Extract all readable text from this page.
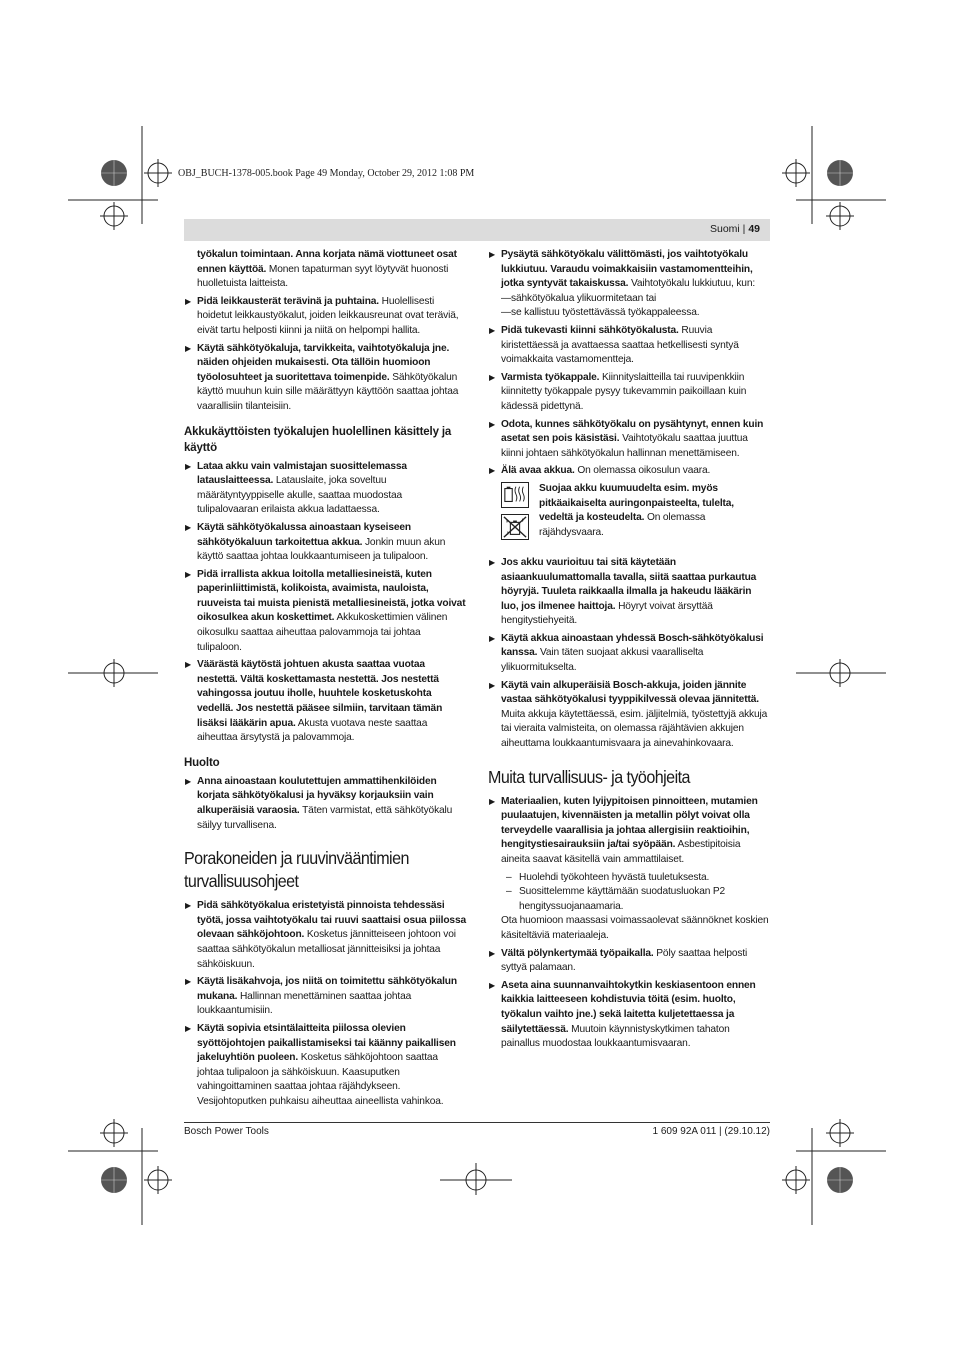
OBJ_BUCH-1378-005.book Page 49 Monday, October 29, 2012 1:08 PM
Suomi | 49
työkalun toimintaan. Anna korjata nämä viottuneet osat ennen käyttöä. Monen tapaturman syyt löytyvät huonosti huolletuista laitteista.
▶ Pidä leikkausterät terävinä ja puhtaina. Huolellisesti hoidetut leikkaustyökalut, joiden leikkausreunat ovat teräviä, eivät tartu helposti kiinni ja niitä on helpompi hallita.
▶ Käytä sähkötyökaluja, tarvikkeita, vaihtotyökaluja jne. näiden ohjeiden mukaisesti. Ota tällöin huomioon työolosuhteet ja suoritettava toimenpide. Sähkötyökalun käyttö muuhun kuin sille määrättyyn käyttöön saattaa johtaa vaarallisiin tilanteisiin.
Akkukäyttöisten työkalujen huolellinen käsittely ja käyttö
▶ Lataa akku vain valmistajan suosittelemassa latauslaitteessa. Latauslaite, joka soveltuu määrätyntyyppiselle akulle, saattaa muodostaa tulipalovaaran erilaista akkua ladattaessa.
▶ Käytä sähkötyökalussa ainoastaan kyseiseen sähkötyökaluun tarkoitettua akkua. Jonkin muun akun käyttö saattaa johtaa loukkaantumiseen ja tulipaloon.
▶ Pidä irrallista akkua loitolla metalliesineistä, kuten paperinliittimistä, kolikoista, avaimista, nauloista, ruuveista tai muista pienistä metalliesineistä, jotka voivat oikosulkea akun koskettimet. Akkukoskettimien välinen oikosulku saattaa aiheuttaa palovammoja tai johtaa tulipaloon.
▶ Väärästä käytöstä johtuen akusta saattaa vuotaa nestettä. Vältä koskettamasta nestettä. Jos nestettä vahingossa joutuu iholle, huuhtele kosketuskohta vedellä. Jos nestettä pääsee silmiin, tarvitaan tämän lisäksi lääkärin apua. Akusta vuotava neste saattaa aiheuttaa ärsytystä ja palovammoja.
Huolto
▶ Anna ainoastaan koulutettujen ammattihenkilöiden korjata sähkötyökalusi ja hyväksy korjauksiin vain alkuperäisiä varaosia. Täten varmistat, että sähkötyökalu säilyy turvallisena.
Porakoneiden ja ruuvinvääntimien turvallisuusohjeet
▶ Pidä sähkötyökalua eristetyistä pinnoista tehdessäsi työtä, jossa vaihtotyökalu tai ruuvi saattaisi osua piilossa olevaan sähköjohtoon. Kosketus jännitteiseen johtoon voi saattaa sähkötyökalun metalliosat jännitteisiksi ja johtaa sähköiskuun.
▶ Käytä lisäkahvoja, jos niitä on toimitettu sähkötyökalun mukana. Hallinnan menettäminen saattaa johtaa loukkaantumisiin.
▶ Käytä sopivia etsintälaitteita piilossa olevien syöttöjohtojen paikallistamiseksi tai käänny paikallisen jakeluyhtiön puoleen. Kosketus sähköjohtoon saattaa johtaa tulipaloon ja sähköiskuun. Kaasuputken vahingoittaminen saattaa johtaa räjähdykseen. Vesijohtoputken puhkaisu aiheuttaa aineellista vahinkoa.
▶ Pysäytä sähkötyökalu välittömästi, jos vaihtotyökalu lukkiutuu. Varaudu voimakkaisiin vastamomentteihin, jotka syntyvät takaiskussa. Vaihtotyökalu lukkiutuu, kun:
—sähkötyökalua ylikuormitetaan tai
—se kallistuu työstettävässä työkappaleessa.
▶ Pidä tukevasti kiinni sähkötyökalusta. Ruuvia kiristettäessä ja avattaessa saattaa hetkellisesti syntyä voimakkaita vastamomentteja.
▶ Varmista työkappale. Kiinnityslaitteilla tai ruuvipenkkiin kiinnitetty työkappale pysyy tukevammin paikoillaan kuin kädessä pidettynä.
▶ Odota, kunnes sähkötyökalu on pysähtynyt, ennen kuin asetat sen pois käsistäsi. Vaihtotyökalu saattaa juuttua kiinni johtaen sähkötyökalun hallinnan menettämiseen.
▶ Älä avaa akkua. On olemassa oikosulun vaara.
Suojaa akku kuumuudelta esim. myös pitkäaikaiselta auringonpaisteelta, tulelta, vedeltä ja kosteudelta. On olemassa räjähdysvaara.
▶ Jos akku vaurioituu tai sitä käytetään asiaankuulumattomalla tavalla, siitä saattaa purkautua höyryjä. Tuuleta raikkaalla ilmalla ja hakeudu lääkärin luo, jos ilmenee haittoja. Höyryt voivat ärsyttää hengitystiehyeitä.
▶ Käytä akkua ainoastaan yhdessä Bosch-sähkötyökalusi kanssa. Vain täten suojaat akkusi vaaralliselta ylikuormitukselta.
▶ Käytä vain alkuperäisiä Bosch-akkuja, joiden jännite vastaa sähkötyökalusi tyyppikilvessä olevaa jännitettä. Muita akkuja käytettäessä, esim. jäljitelmiä, työstettyjä akkuja tai vieraita valmisteita, on olemassa räjähtävien akkujen aiheuttama loukkaantumisvaara ja ainevahinkovaara.
Muita turvallisuus- ja työohjeita
▶ Materiaalien, kuten lyijypitoisen pinnoitteen, mutamien puulaatujen, kivennäisten ja metallin pölyt voivat olla terveydelle vaarallisia ja johtaa allergisiin reaktioihin, hengitystiesairauksiin ja/tai syöpään. Asbestipitoisia aineita saavat käsitellä vain ammattilaiset.
– Huolehdi työkohteen hyvästä tuuletuksesta.
– Suosittelemme käyttämään suodatusluokan P2 hengityssuojanaamaria.
Ota huomioon maassasi voimassaolevat säännöknet koskien käsiteltäviä materiaaleja.
▶ Vältä pölynkertymää työpaikalla. Pöly saattaa helposti syttyä palamaan.
▶ Aseta aina suunnanvaihtokytkin keskiasentoon ennen kaikkia laitteeseen kohdistuvia töitä (esim. huolto, työkalun vaihto jne.) sekä laitetta kuljetettaessa ja säilytettäessä. Muutoin käynnistyskytkimen tahaton painallus muodostaa loukkaantumisvaaran.
Bosch Power Tools	1 609 92A 011 | (29.10.12)
